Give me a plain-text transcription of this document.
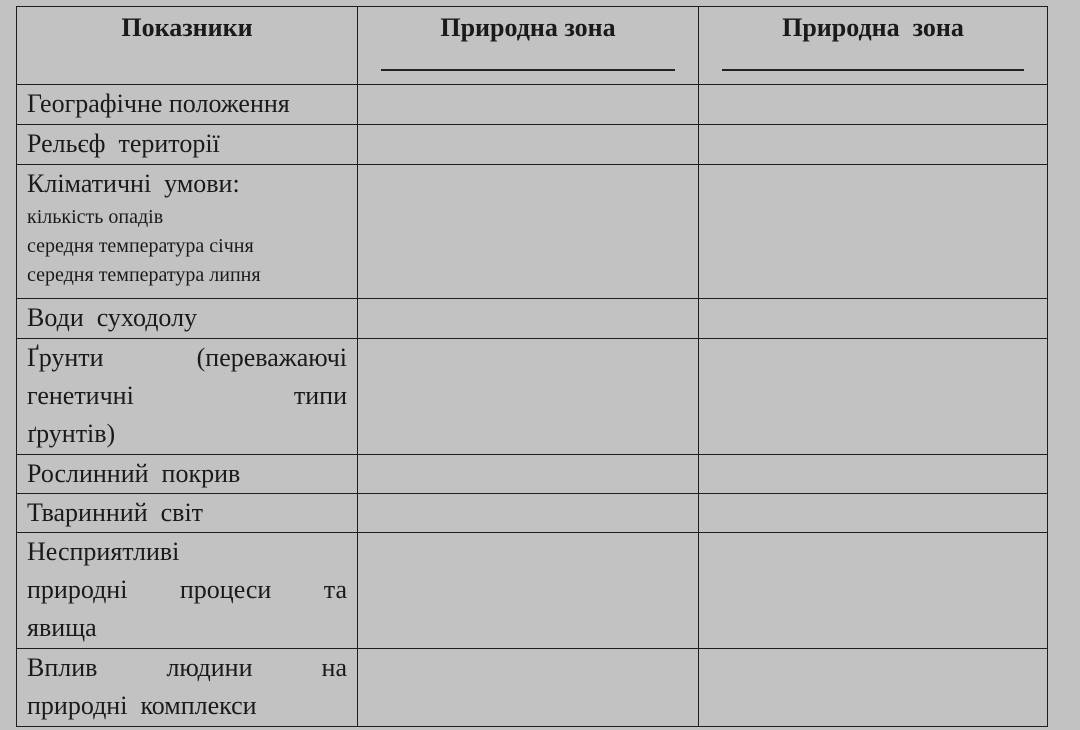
Показники	Природна зона	Природна  зона

Географічне положення		
Рельєф  території		

Кліматичні  умови:
кількість опадів
середня температура січня
середня температура липня		

Води  суходолу		

Ґрунти (переважаючі
генетичні типи
ґрунтів)		

Рослинний  покрив		
Тваринний  світ		

Несприятливі
природні процеси та
явища		

Вплив людини на
природні  комплекси		
